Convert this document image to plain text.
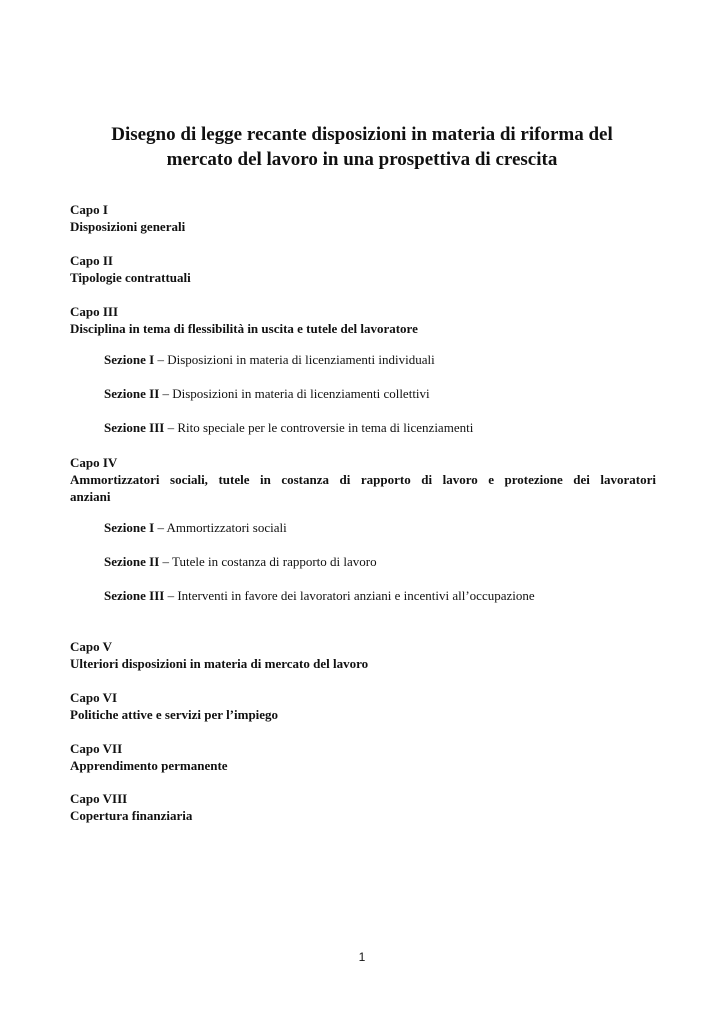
Disegno di legge recante disposizioni in materia di riforma del
mercato del lavoro in una prospettiva di crescita
Capo I
Disposizioni generali
Capo II
Tipologie contrattuali
Capo III
Disciplina in tema di flessibilità in uscita e tutele del lavoratore
Sezione I – Disposizioni in materia di licenziamenti individuali
Sezione II – Disposizioni in materia di licenziamenti collettivi
Sezione III – Rito speciale per le controversie in tema di licenziamenti
Capo IV
Ammortizzatori sociali, tutele in costanza di rapporto di lavoro e protezione dei lavoratori
anziani
Sezione I – Ammortizzatori sociali
Sezione II – Tutele in costanza di rapporto di lavoro
Sezione III – Interventi in favore dei lavoratori anziani e incentivi all’occupazione
Capo V
Ulteriori disposizioni in materia di mercato del lavoro
Capo VI
Politiche attive e servizi per l’impiego
Capo VII
Apprendimento permanente
Capo VIII
Copertura finanziaria
1
